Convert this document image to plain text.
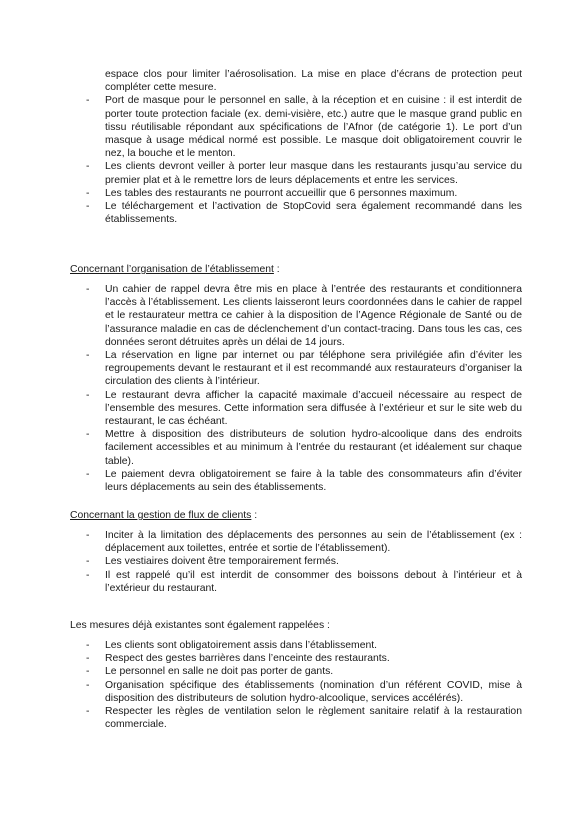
espace clos pour limiter l’aérosolisation. La mise en place d’écrans de protection peut compléter cette mesure.
- Port de masque pour le personnel en salle, à la réception et en cuisine : il est interdit de porter toute protection faciale (ex. demi-visière, etc.) autre que le masque grand public en tissu réutilisable répondant aux spécifications de l’Afnor (de catégorie 1). Le port d’un masque à usage médical normé est possible. Le masque doit obligatoirement couvrir le nez, la bouche et le menton.
- Les clients devront veiller à porter leur masque dans les restaurants jusqu’au service du premier plat et à le remettre lors de leurs déplacements et entre les services.
- Les tables des restaurants ne pourront accueillir que 6 personnes maximum.
- Le téléchargement et l’activation de StopCovid sera également recommandé dans les établissements.
Concernant l’organisation de l’établissement :
- Un cahier de rappel devra être mis en place à l’entrée des restaurants et conditionnera l’accès à l’établissement. Les clients laisseront leurs coordonnées dans le cahier de rappel et le restaurateur mettra ce cahier à la disposition de l’Agence Régionale de Santé ou de l’assurance maladie en cas de déclenchement d’un contact-tracing. Dans tous les cas, ces données seront détruites après un délai de 14 jours.
- La réservation en ligne par internet ou par téléphone sera privilégiée afin d’éviter les regroupements devant le restaurant et il est recommandé aux restaurateurs d’organiser la circulation des clients à l’intérieur.
- Le restaurant devra afficher la capacité maximale d’accueil nécessaire au respect de l’ensemble des mesures. Cette information sera diffusée à l’extérieur et sur le site web du restaurant, le cas échéant.
- Mettre à disposition des distributeurs de solution hydro-alcoolique dans des endroits facilement accessibles et au minimum à l’entrée du restaurant (et idéalement sur chaque table).
- Le paiement devra obligatoirement se faire à la table des consommateurs afin d’éviter leurs déplacements au sein des établissements.
Concernant la gestion de flux de clients :
- Inciter à la limitation des déplacements des personnes au sein de l’établissement (ex : déplacement aux toilettes, entrée et sortie de l’établissement).
- Les vestiaires doivent être temporairement fermés.
- Il est rappelé qu’il est interdit de consommer des boissons debout à l’intérieur et à l’extérieur du restaurant.
Les mesures déjà existantes sont également rappelées :
- Les clients sont obligatoirement assis dans l’établissement.
- Respect des gestes barrières dans l’enceinte des restaurants.
- Le personnel en salle ne doit pas porter de gants.
- Organisation spécifique des établissements (nomination d’un référent COVID, mise à disposition des distributeurs de solution hydro-alcoolique, services accélérés).
- Respecter les règles de ventilation selon le règlement sanitaire relatif à la restauration commerciale.
